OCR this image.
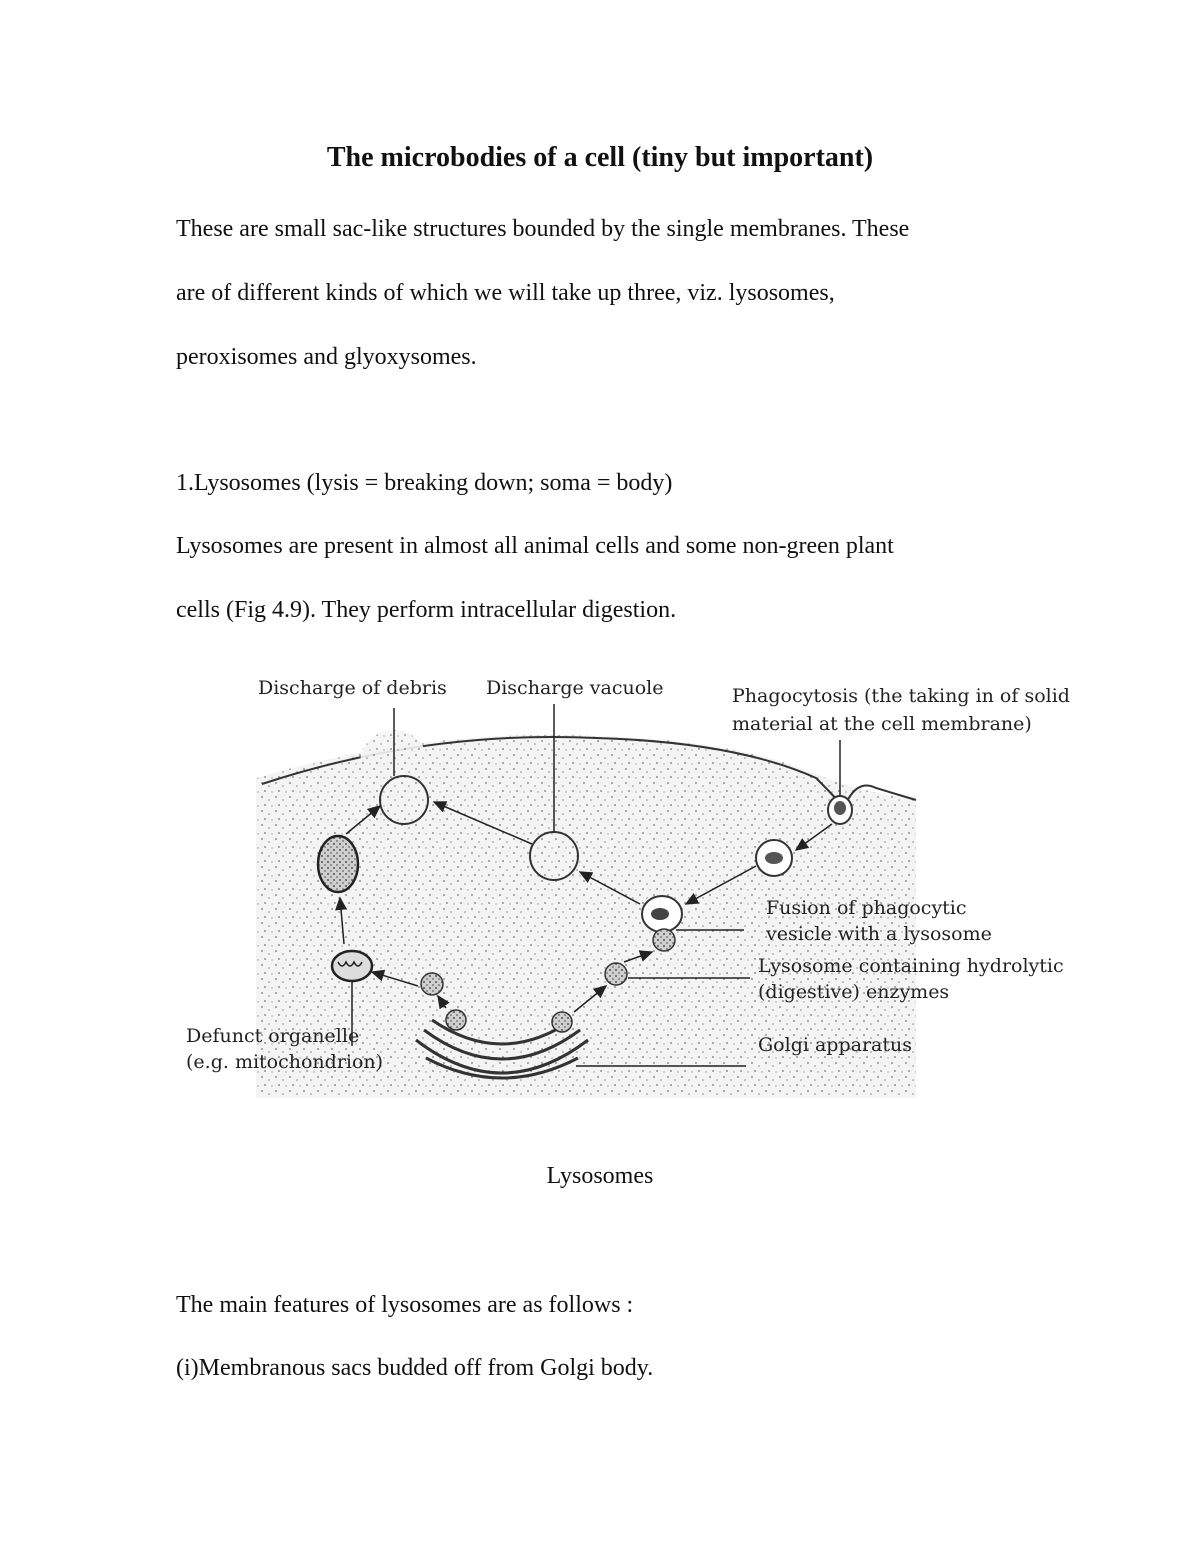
The microbodies of a cell (tiny but important)
These are small sac-like structures bounded by the single membranes. These
are of different kinds of which we will take up three, viz. lysosomes,
peroxisomes and glyoxysomes.
1.Lysosomes (lysis = breaking down; soma = body)
Lysosomes are present in almost all animal cells and some non-green plant
cells (Fig 4.9). They perform intracellular digestion.
Discharge of debris Discharge vacuole	Phagocytosis (the taking in of solid
material at the cell membrane)
Fusion of phagocytic
vesicle with a lysosome
Lysosome containing hydrolytic
(digestive) enzymes
Golgi apparatus
Defunct organelle
(e.g. mitochondrion)
Lysosomes
The main features of lysosomes are as follows :
(i)Membranous sacs budded off from Golgi body.
